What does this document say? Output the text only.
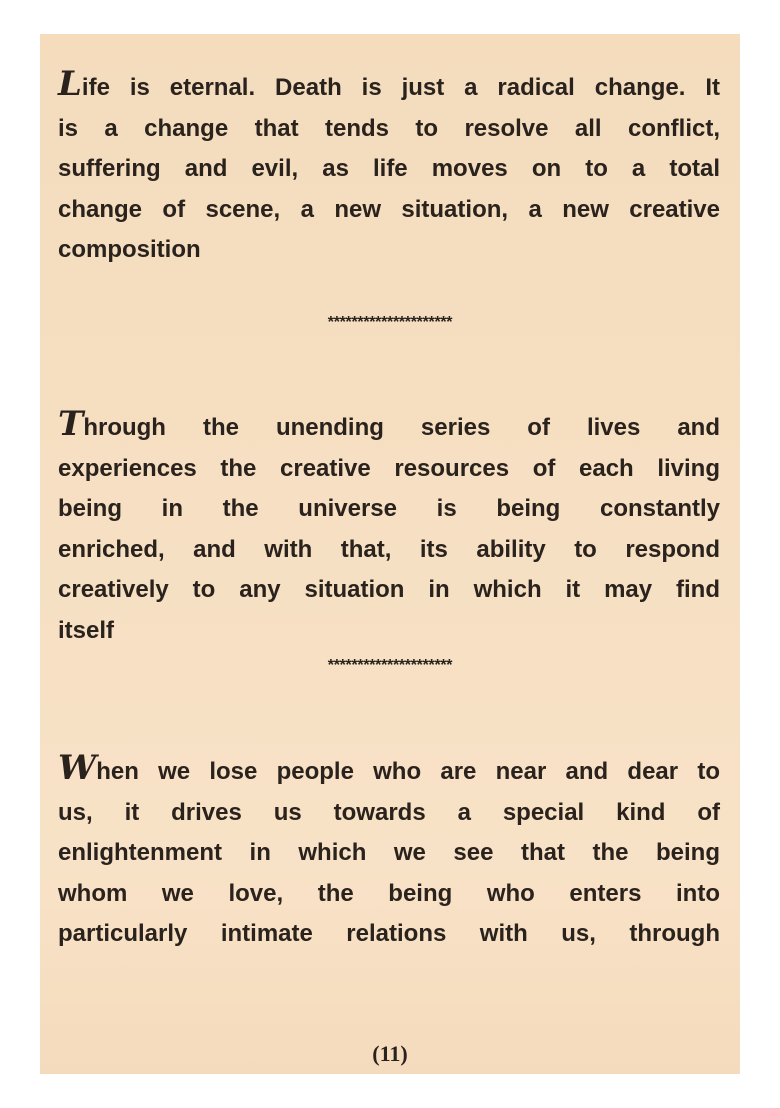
Life is eternal. Death is just a radical change. It
is a change that tends to resolve all conflict,
suffering and evil, as life moves on to a total
change of scene, a new situation, a new creative
composition
*********************
Through the unending series of lives and
experiences the creative resources of each living
being in the universe is being constantly
enriched, and with that, its ability to respond
creatively to any situation in which it may find
itself
*********************
When we lose people who are near and dear to
us, it drives us towards a special kind of
enlightenment in which we see that the being
whom we love, the being who enters into
particularly intimate relations with us, through
(11)
